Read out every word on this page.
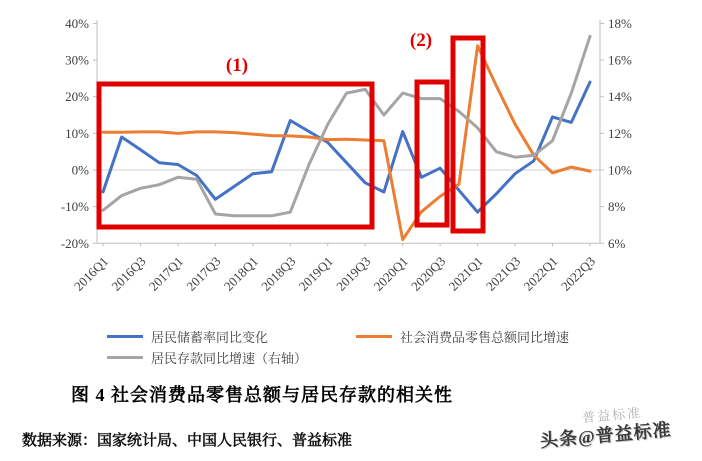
40%
30%
20%
10%
0%
-10%
-20%
18%
16%
14%
12%
10%
8%
6%
2016Q1
2016Q3
2017Q1
2017Q3
2018Q1
2018Q3
2019Q1
2019Q3
2020Q1
2020Q3
2021Q1
2021Q3
2022Q1
2022Q3
(1)
(2)
居民储蓄率同比变化	社会消费品零售总额同比增速
居民存款同比增速（右轴）
图 4 社会消费品零售总额与居民存款的相关性
数据来源：国家统计局、中国人民银行、普益标准
普益标准
头条@普益标准
